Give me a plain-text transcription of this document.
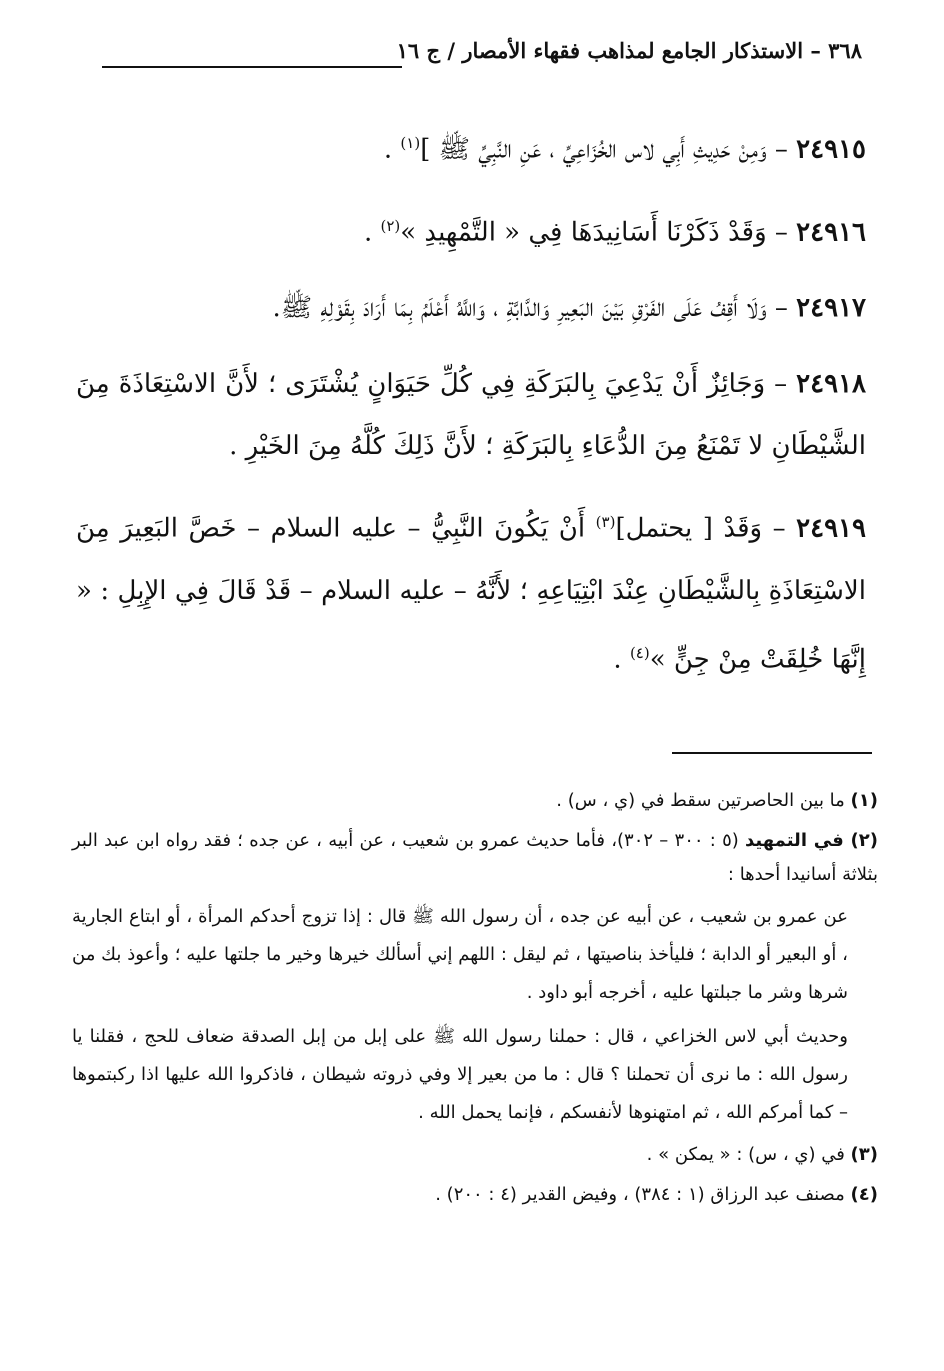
٣٦٨ – الاستذكار الجامع لمذاهب فقهاء الأمصار / ج ١٦

٢٤٩١٥ – وَمِنْ حَدِيثِ أَبِي لاس الخُزَاعِيِّ ، عَنِ النَّبِيِّ ﷺ ]$^{(١)}$ .

٢٤٩١٦ – وَقَدْ ذَكَرْنَا أَسَانِيدَهَا فِي « التَّمْهِيدِ »$^{(٢)}$ .

٢٤٩١٧ – وَلَا أَقِفُ عَلَى الفَرْقِ بَيْنَ البَعِيرِ وَالدَّابَّةِ ، وَاللَّهُ أَعْلَمُ بِمَا أَرَادَ بِقَوْلِهِ ﷺ.

٢٤٩١٨ – وَجَائِزٌ أَنْ يَدْعِيَ بِالبَرَكَةِ فِي كُلِّ حَيَوَانٍ يُشْتَرَى ؛ لأَنَّ الاسْتِعَاذَةَ مِنَ الشَّيْطَانِ لا تَمْنَعُ مِنَ الدُّعَاءِ بِالبَرَكَةِ ؛ لأَنَّ ذَلِكَ كُلَّهُ مِنَ الخَيْرِ .

٢٤٩١٩ – وَقَدْ [ يحتمل]$^{(٣)}$ أَنْ يَكُونَ النَّبِيُّ – عليه السلام – خَصَّ البَعِيرَ مِنَ الاسْتِعَاذَةِ بِالشَّيْطَانِ عِنْدَ ابْتِيَاعِهِ ؛ لأَنَّهُ – عليه السلام – قَدْ قَالَ فِي الإِبِلِ : « إِنَّهَا خُلِقَتْ مِنْ جِنٍّ »$^{(٤)}$ .

(١) ما بين الحاصرتين سقط في (ي ، س) .

(٢) في التمهيد (٥ : ٣٠٠ – ٣٠٢)، فأما حديث عمرو بن شعيب ، عن أبيه ، عن جده ؛ فقد رواه ابن عبد البر بثلاثة أسانيدا أحدها :

عن عمرو بن شعيب ، عن أبيه عن جده ، أن رسول الله ﷺ قال : إذا تزوج أحدكم المرأة ، أو ابتاع الجارية ، أو البعير أو الدابة ؛ فليأخذ بناصيتها ، ثم ليقل : اللهم إني أسألك خيرها وخير ما جلتها عليه ؛ وأعوذ بك من شرها وشر ما جبلتها عليه ، أخرجه أبو داود .

وحديث أبي لاس الخزاعي ، قال : حملنا رسول الله ﷺ على إبل من إبل الصدقة ضعاف للحج ، فقلنا يا رسول الله : ما نرى أن تحملنا ؟ قال : ما من بعير إلا وفي ذروته شيطان ، فاذكروا الله عليها اذا ركبتموها – كما أمركم الله ، ثم امتهنوها لأنفسكم ، فإنما يحمل الله .

(٣) في (ي ، س) : « يمكن » .

(٤) مصنف عبد الرزاق (١ : ٣٨٤) ، وفيض القدير (٤ : ٢٠٠) .
